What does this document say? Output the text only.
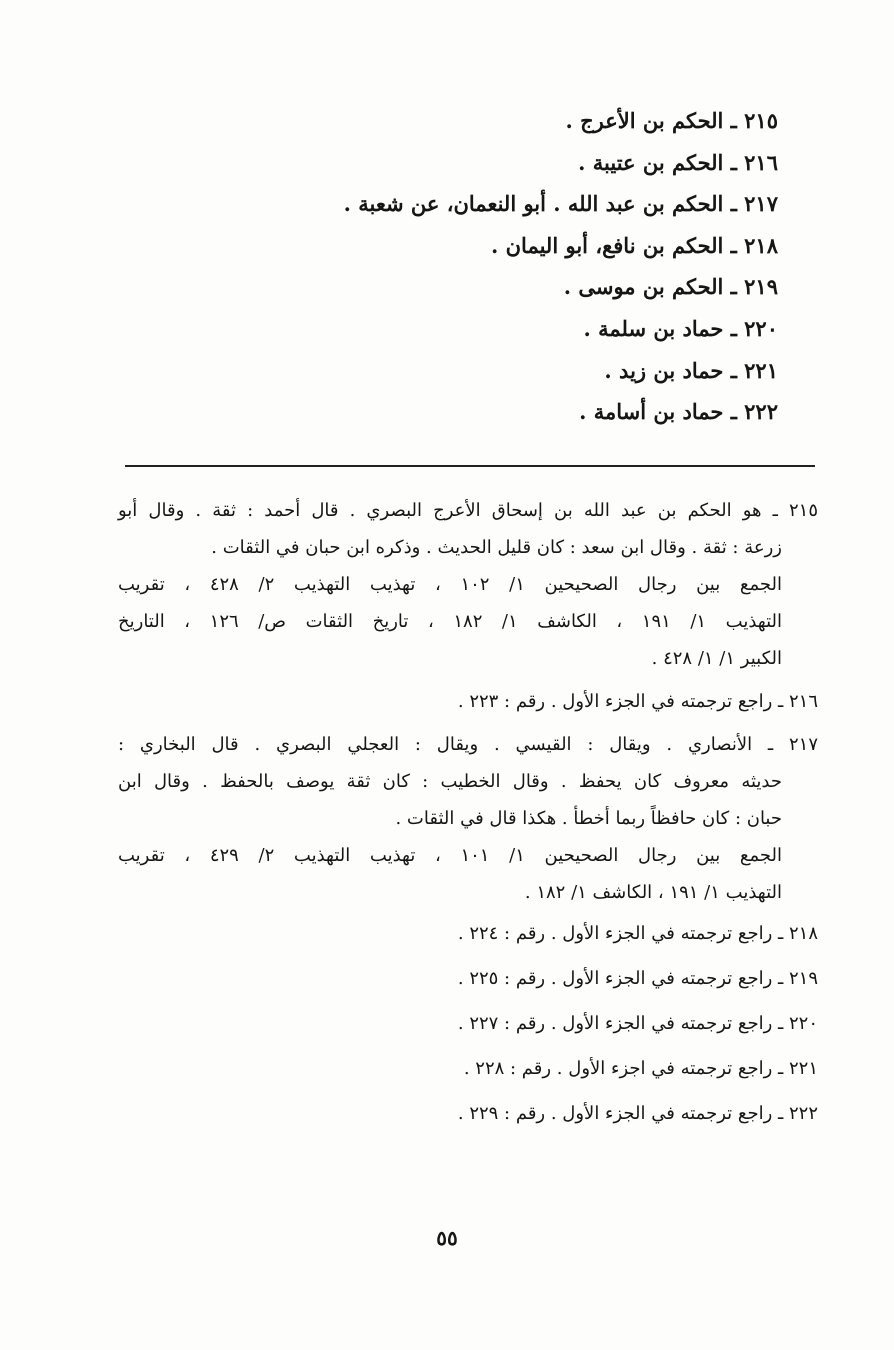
٢١٥ ـ الحكم بن الأعرج .
٢١٦ ـ الحكم بن عتيبة .
٢١٧ ـ الحكم بن عبد الله . أبو النعمان، عن شعبة .
٢١٨ ـ الحكم بن نافع، أبو اليمان .
٢١٩ ـ الحكم بن موسى .
٢٢٠ ـ حماد بن سلمة .
٢٢١ ـ حماد بن زيد .
٢٢٢ ـ حماد بن أسامة .
٢١٥ ـ هو الحكم بن عبد الله بن إسحاق الأعرج البصري . قال أحمد : ثقة . وقال أبو
زرعة : ثقة . وقال ابن سعد : كان قليل الحديث . وذكره ابن حبان في الثقات .
الجمع بين رجال الصحيحين ١/ ١٠٢ ، تهذيب التهذيب ٢/ ٤٢٨ ، تقريب
التهذيب ١/ ١٩١ ، الكاشف ١/ ١٨٢ ، تاريخ الثقات ص/ ١٢٦ ، التاريخ
الكبير ١/ ١/ ٤٢٨ .
٢١٦ ـ راجع ترجمته في الجزء الأول . رقم : ٢٢٣ .
٢١٧ ـ الأنصاري . ويقال : القيسي . ويقال : العجلي البصري . قال البخاري :
حديثه معروف كان يحفظ . وقال الخطيب : كان ثقة يوصف بالحفظ . وقال ابن
حبان : كان حافظاً ربما أخطأ . هكذا قال في الثقات .
الجمع بين رجال الصحيحين ١/ ١٠١ ، تهذيب التهذيب ٢/ ٤٢٩ ، تقريب
التهذيب ١/ ١٩١ ، الكاشف ١/ ١٨٢ .
٢١٨ ـ راجع ترجمته في الجزء الأول . رقم : ٢٢٤ .
٢١٩ ـ راجع ترجمته في الجزء الأول . رقم : ٢٢٥ .
٢٢٠ ـ راجع ترجمته في الجزء الأول . رقم : ٢٢٧ .
٢٢١ ـ راجع ترجمته في اجزء الأول . رقم : ٢٢٨ .
٢٢٢ ـ راجع ترجمته في الجزء الأول . رقم : ٢٢٩ .
٥٥
